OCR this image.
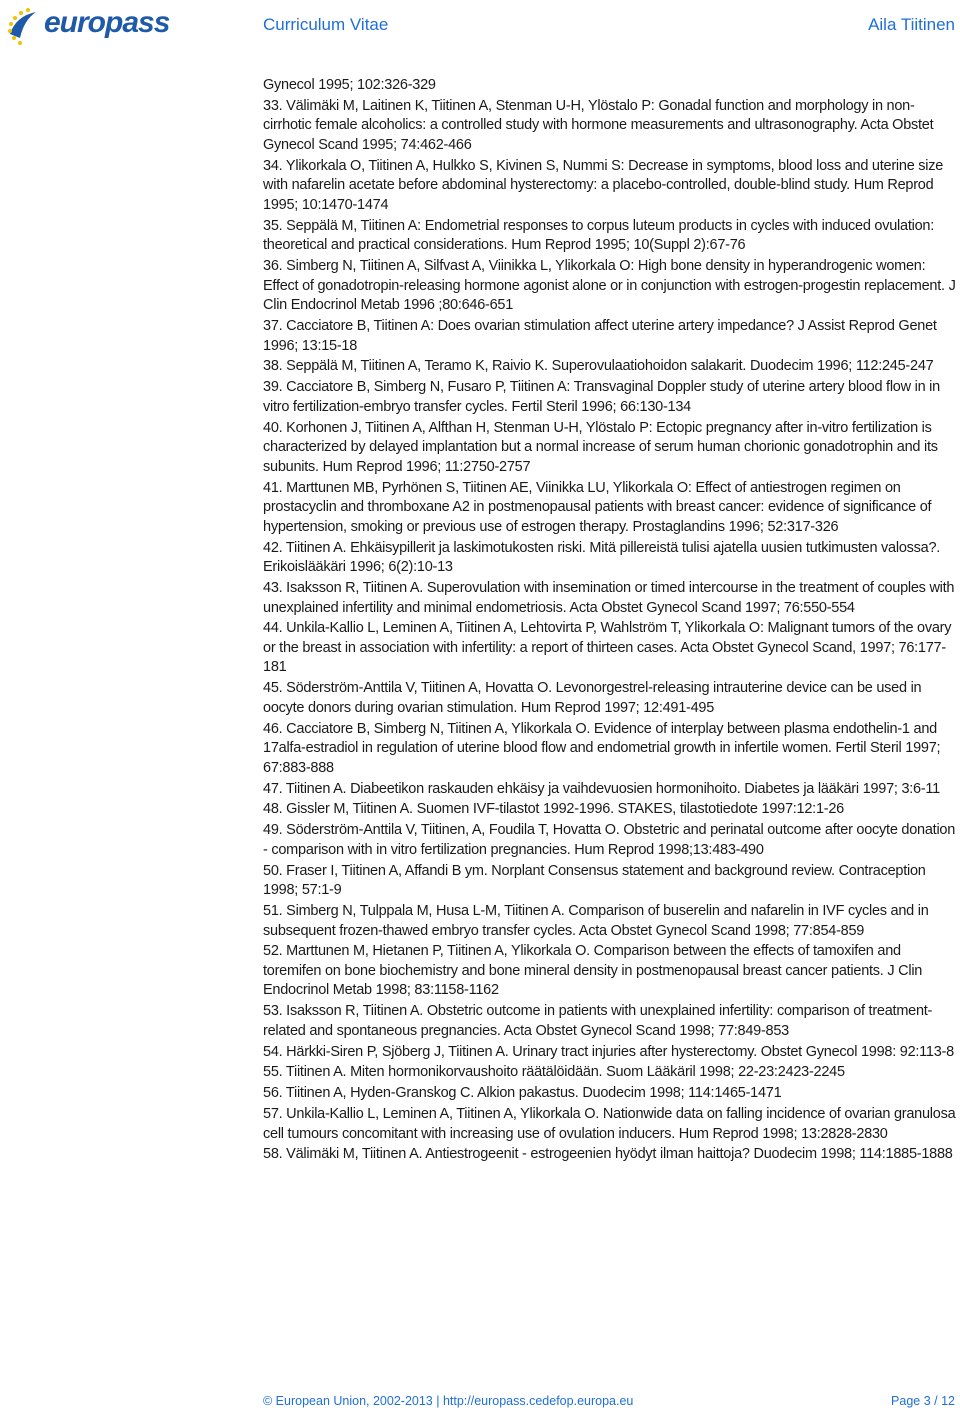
europass	Curriculum Vitae	Aila Tiitinen

Gynecol 1995; 102:326-329

33. Välimäki M, Laitinen K, Tiitinen A, Stenman U-H, Ylöstalo P: Gonadal function and morphology in non-cirrhotic female alcoholics: a controlled study with hormone measurements and ultrasonography. Acta Obstet Gynecol Scand 1995; 74:462-466

34. Ylikorkala O, Tiitinen A, Hulkko S, Kivinen S, Nummi S: Decrease in symptoms, blood loss and uterine size with nafarelin acetate before abdominal hysterectomy: a placebo-controlled, double-blind study. Hum Reprod 1995; 10:1470-1474

35. Seppälä M, Tiitinen A: Endometrial responses to corpus luteum products in cycles with induced ovulation: theoretical and practical considerations. Hum Reprod 1995; 10(Suppl 2):67-76

36. Simberg N, Tiitinen A, Silfvast A, Viinikka L, Ylikorkala O: High bone density in hyperandrogenic women: Effect of gonadotropin-releasing hormone agonist alone or in conjunction with estrogen-progestin replacement. J Clin Endocrinol Metab 1996 ;80:646-651

37. Cacciatore B, Tiitinen A: Does ovarian stimulation affect uterine artery impedance? J Assist Reprod Genet 1996; 13:15-18

38. Seppälä M, Tiitinen A, Teramo K, Raivio K. Superovulaatiohoidon salakarit. Duodecim 1996; 112:245-247

39. Cacciatore B, Simberg N, Fusaro P, Tiitinen A: Transvaginal Doppler study of uterine artery blood flow in in vitro fertilization-embryo transfer cycles. Fertil Steril 1996; 66:130-134

40. Korhonen J, Tiitinen A, Alfthan H, Stenman U-H, Ylöstalo P: Ectopic pregnancy after in-vitro fertilization is characterized by delayed implantation but a normal increase of serum human chorionic gonadotrophin and its subunits. Hum Reprod 1996; 11:2750-2757

41. Marttunen MB, Pyrhönen S, Tiitinen AE, Viinikka LU, Ylikorkala O: Effect of antiestrogen regimen on prostacyclin and thromboxane A2 in postmenopausal patients with breast cancer: evidence of significance of hypertension, smoking or previous use of estrogen therapy. Prostaglandins 1996; 52:317-326

42. Tiitinen A. Ehkäisypillerit ja laskimotukosten riski. Mitä pillereistä tulisi ajatella uusien tutkimusten valossa?. Erikoislääkäri 1996; 6(2):10-13

43. Isaksson R, Tiitinen A. Superovulation with insemination or timed intercourse in the treatment of couples with unexplained infertility and minimal endometriosis. Acta Obstet Gynecol Scand 1997; 76:550-554

44. Unkila-Kallio L, Leminen A, Tiitinen A, Lehtovirta P, Wahlström T, Ylikorkala O: Malignant tumors of the ovary or the breast in association with infertility: a report of thirteen cases. Acta Obstet Gynecol Scand, 1997; 76:177-181

45. Söderström-Anttila V, Tiitinen A, Hovatta O. Levonorgestrel-releasing intrauterine device can be used in oocyte donors during ovarian stimulation. Hum Reprod 1997; 12:491-495

46. Cacciatore B, Simberg N, Tiitinen A, Ylikorkala O. Evidence of interplay between plasma endothelin-1 and 17alfa-estradiol in regulation of uterine blood flow and endometrial growth in infertile women. Fertil Steril 1997; 67:883-888

47. Tiitinen A. Diabeetikon raskauden ehkäisy ja vaihdevuosien hormonihoito. Diabetes ja lääkäri 1997; 3:6-11

48. Gissler M, Tiitinen A. Suomen IVF-tilastot 1992-1996. STAKES, tilastotiedote 1997:12:1-26

49. Söderström-Anttila V, Tiitinen, A, Foudila T, Hovatta O. Obstetric and perinatal outcome after oocyte donation - comparison with in vitro fertilization pregnancies. Hum Reprod 1998;13:483-490

50. Fraser I, Tiitinen A, Affandi B ym. Norplant Consensus statement and background review. Contraception 1998; 57:1-9

51. Simberg N, Tulppala M, Husa L-M, Tiitinen A. Comparison of buserelin and nafarelin in IVF cycles and in subsequent frozen-thawed embryo transfer cycles. Acta Obstet Gynecol Scand 1998; 77:854-859

52. Marttunen M, Hietanen P, Tiitinen A, Ylikorkala O. Comparison between the effects of tamoxifen and toremifen on bone biochemistry and bone mineral density in postmenopausal breast cancer patients. J Clin Endocrinol Metab 1998; 83:1158-1162

53. Isaksson R, Tiitinen A. Obstetric outcome in patients with unexplained infertility: comparison of treatment-related and spontaneous pregnancies. Acta Obstet Gynecol Scand 1998; 77:849-853

54. Härkki-Siren P, Sjöberg J, Tiitinen A. Urinary tract injuries after hysterectomy. Obstet Gynecol 1998: 92:113-8

55. Tiitinen A. Miten hormonikorvaushoito räätälöidään. Suom Lääkäril 1998; 22-23:2423-2245

56. Tiitinen A, Hyden-Granskog C. Alkion pakastus. Duodecim 1998; 114:1465-1471

57. Unkila-Kallio L, Leminen A, Tiitinen A, Ylikorkala O. Nationwide data on falling incidence of ovarian granulosa cell tumours concomitant with increasing use of ovulation inducers. Hum Reprod 1998; 13:2828-2830

58. Välimäki M, Tiitinen A. Antiestrogeenit - estrogeenien hyödyt ilman haittoja? Duodecim 1998; 114:1885-1888

© European Union, 2002-2013 | http://europass.cedefop.europa.eu	Page 3 / 12
